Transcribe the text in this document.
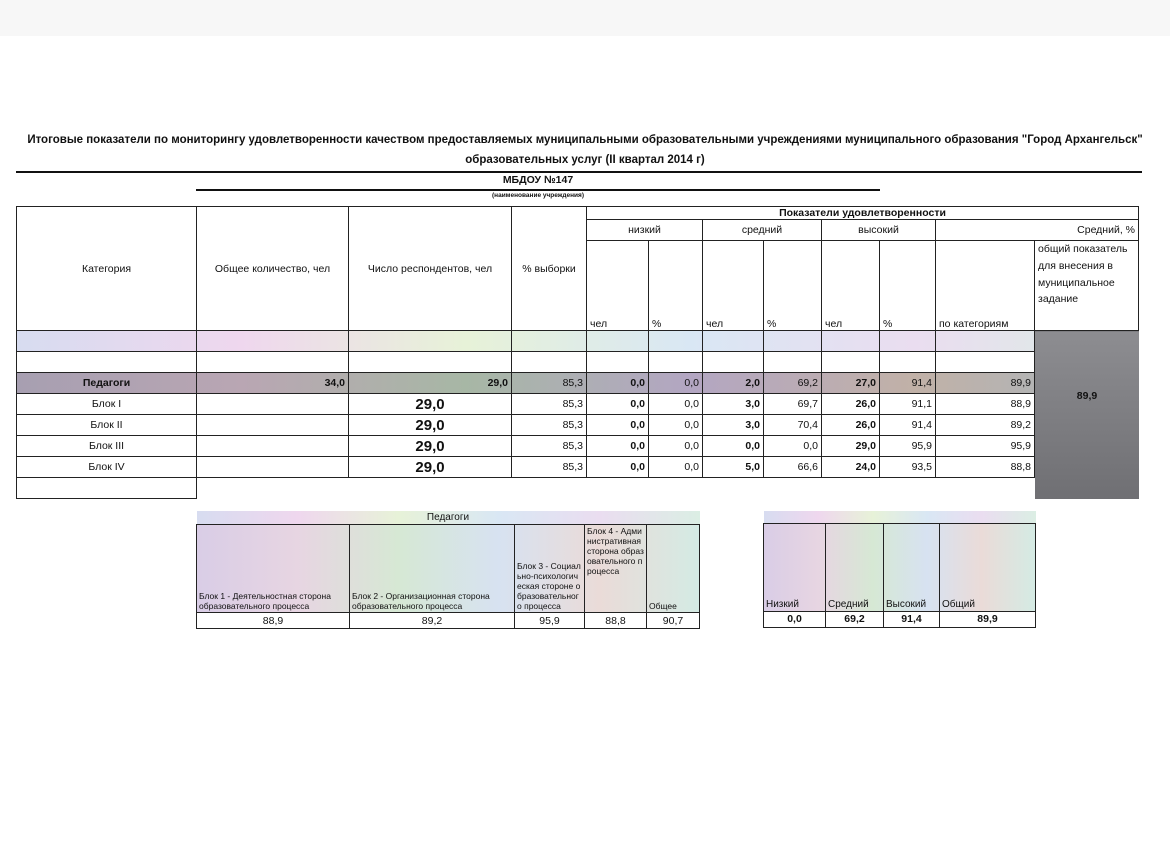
Итоговые показатели по мониторингу удовлетворенности качеством предоставляемых муниципальными образовательными учреждениями муниципального образования "Город Архангельск"
образовательных услуг (II квартал 2014 г)
МБДОУ №147
(наименование учреждения)
Категория	Общее количество, чел	Число респондентов, чел	% выборки	Показатели удовлетворенности							
				низкий		средний		высокий		Средний, %	
				чел	%	чел	%	чел	%	по категориям	общий показатель для внесения в муниципальное задание

Педагоги	34,0	29,0	85,3	0,0	0,0	2,0	69,2	27,0	91,4	89,9	
Блок I		29,0	85,3	0,0	0,0	3,0	69,7	26,0	91,1	88,9	
Блок II		29,0	85,3	0,0	0,0	3,0	70,4	26,0	91,4	89,2	
Блок III		29,0	85,3	0,0	0,0	0,0	0,0	29,0	95,9	95,9	
Блок IV		29,0	85,3	0,0	0,0	5,0	66,6	24,0	93,5	88,8	

89,9
Педагоги				
Блок 1 - Деятельностная сторона образовательного процесса	Блок 2 - Организационная сторона образовательного процесса	Блок 3 - Социально-психологическая стороне образовательного процесса	Блок 4 - Административная сторона образовательного процесса	Общее
88,9	89,2	95,9	88,8	90,7

Низкий	Средний	Высокий	Общий
0,0	69,2	91,4	89,9
